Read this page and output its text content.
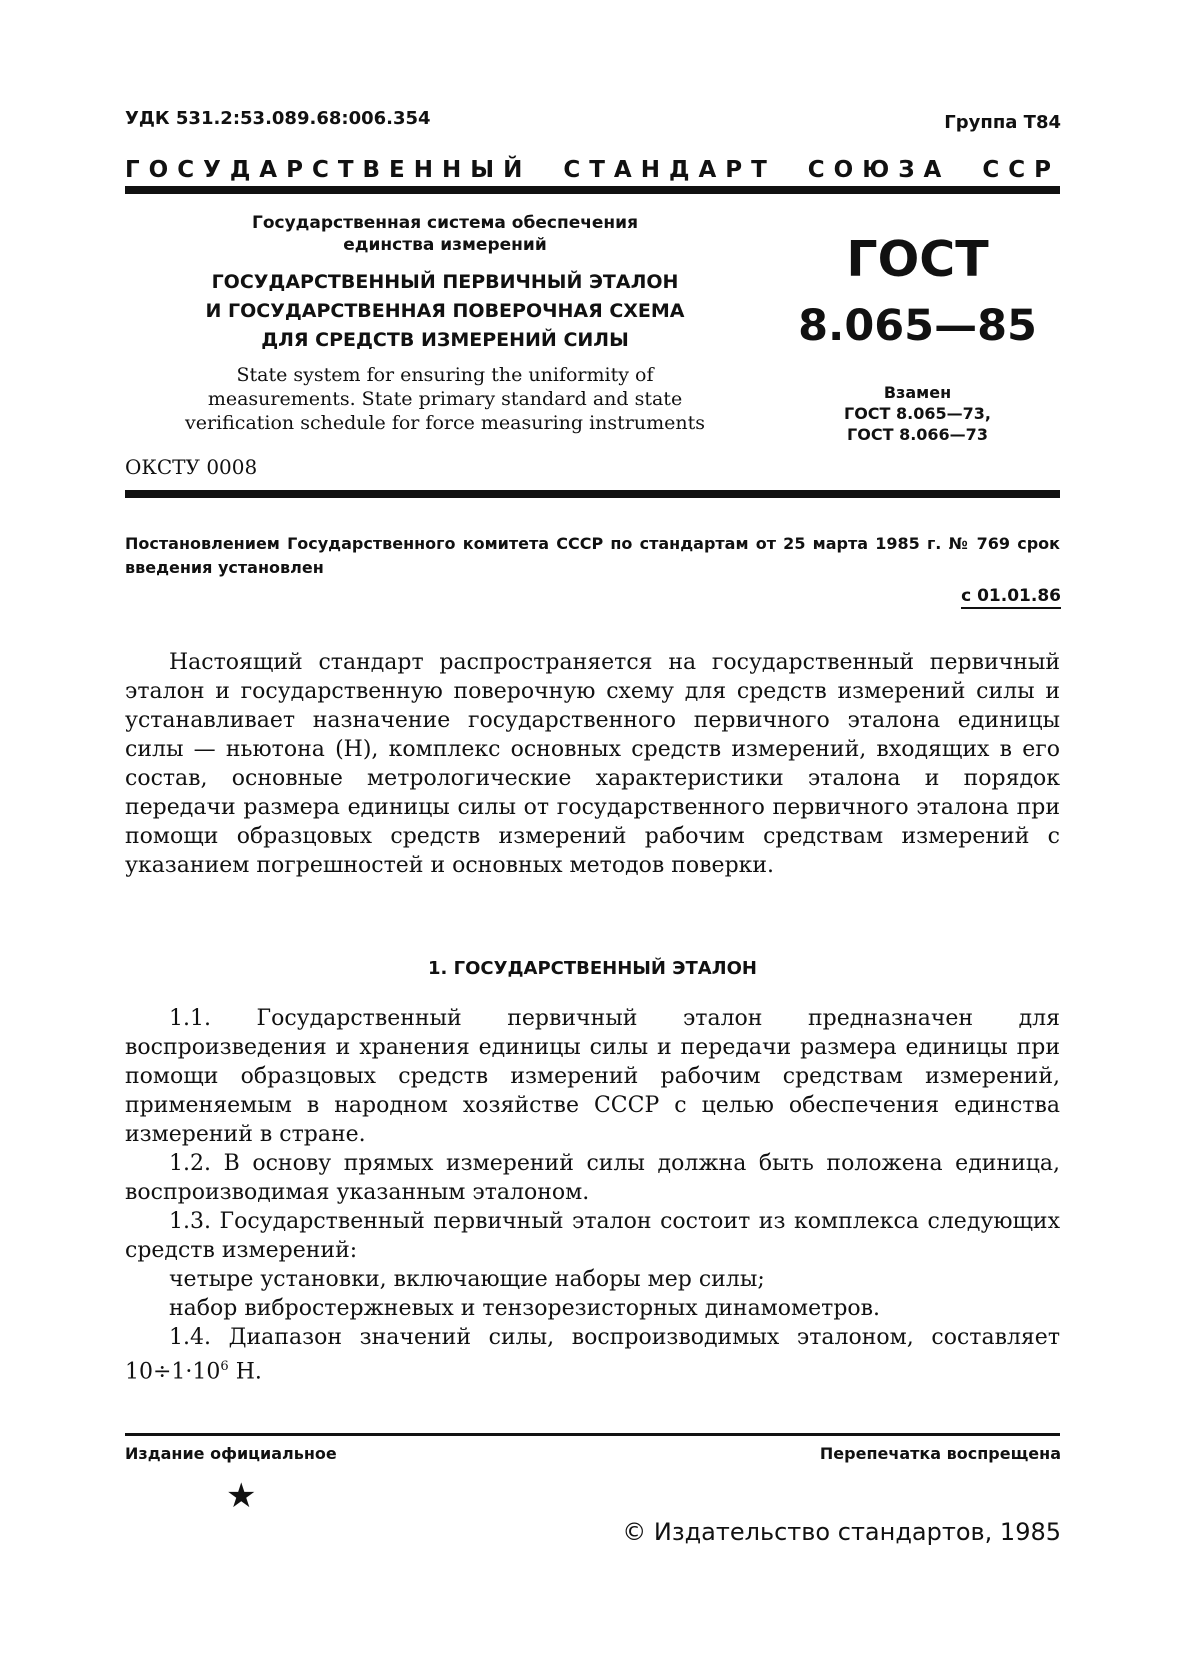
УДК 531.2:53.089.68:006.354	Группа Т84
ГОСУДАРСТВЕННЫЙ СТАНДАРТ СОЮЗА ССР
Государственная система обеспечения
единства измерений
ГОСУДАРСТВЕННЫЙ ПЕРВИЧНЫЙ ЭТАЛОН
И ГОСУДАРСТВЕННАЯ ПОВЕРОЧНАЯ СХЕМА
ДЛЯ СРЕДСТВ ИЗМЕРЕНИЙ СИЛЫ
State system for ensuring the uniformity of
measurements. State primary standard and state
verification schedule for force measuring instruments
ОКСТУ 0008
ГОСТ
8.065—85
Взамен
ГОСТ 8.065—73,
ГОСТ 8.066—73
Постановлением Государственного комитета СССР по стандартам от 25 марта 1985 г. № 769 срок введения установлен
с 01.01.86

Настоящий стандарт распространяется на государственный первичный эталон и государственную поверочную схему для средств измерений силы и устанавливает назначение государственного первичного эталона единицы силы — ньютона (Н), комплекс основных средств измерений, входящих в его состав, основные метрологические характеристики эталона и порядок передачи размера единицы силы от государственного первичного эталона при помощи образцовых средств измерений рабочим средствам измерений с указанием погрешностей и основных методов поверки.

1. ГОСУДАРСТВЕННЫЙ ЭТАЛОН

1.1. Государственный первичный эталон предназначен для воспроизведения и хранения единицы силы и передачи размера единицы при помощи образцовых средств измерений рабочим средствам измерений, применяемым в народном хозяйстве СССР с целью обеспечения единства измерений в стране.

1.2. В основу прямых измерений силы должна быть положена единица, воспроизводимая указанным эталоном.

1.3. Государственный первичный эталон состоит из комплекса следующих средств измерений:

четыре установки, включающие наборы мер силы;

набор вибростержневых и тензорезисторных динамометров.

1.4. Диапазон значений силы, воспроизводимых эталоном, составляет $10\div 1\cdot 10^6$ Н.

Издание официальное	Перепечатка воспрещена
★
© Издательство стандартов, 1985
